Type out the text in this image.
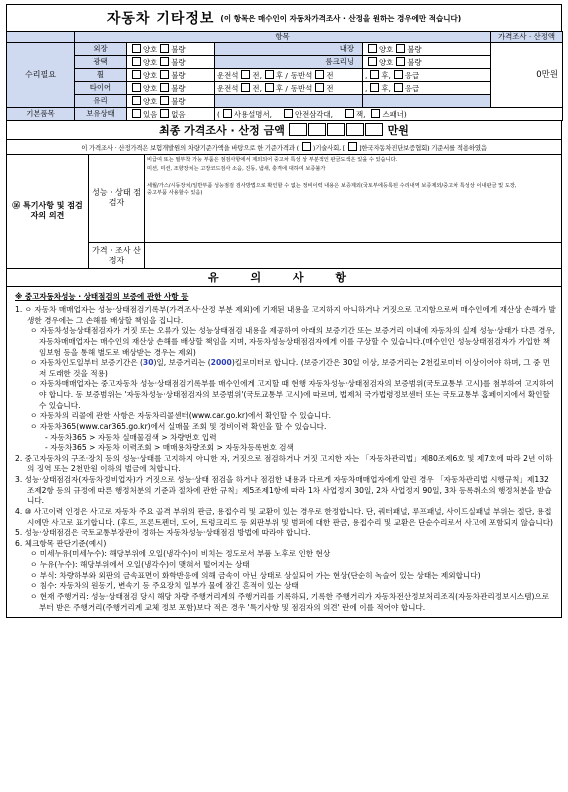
자동차 기타정보 (이 항목은 매수인이 자동차가격조사 · 산정을 원하는 경우에만 적습니다)
	항목				가격조사 · 산정액
수리필요	외장	양호 불량	내장	양호 불량	0만원
	광택	양호 불량	룸크리닝	양호 불량	
	휠	양호 불량	운전석 전, 후 / 동반석 전	, 후, 응급	
	타이어	양호 불량	운전석 전, 후 / 동반석 전	, 후, 응급	
	유리	양호 불량			
기본품목	보유상태	있음 없음	( 사용설명서, 안전삼각대, 잭, 스패너)		
최종 가격조사 · 산정 금액	만원
이 가격조사 · 산정가격은 보험개발원의 차량기준가액을 바탕으로 한 기준가격과 ( )기술사회, [ ]한국자동차진단보증협회) 기준서를 적용하였음
⑯ 특기사항 및 점검자의 의견	성능 · 상태 점검자	비급여 또는 필부착 가능 부품은 점검사항에서 제외되어 중고차 특성 상 부분적인 판금도색은 있을 수 있습니다.
미션, 미션, 조향장치는 고장코드검사 소음, 진동, 냄새, 충격에 대하여 보증불가
세월/가스/시동장치/일반부품 성능점검 검사방법으로 확인할 수 없는 정비이력 내용은 보증제외(국토부에등록된 수리내역 보증제외/중고차 특성상 이내판금 및 도장,
중고부품 사용할수 있음)

	가격 · 조사 산정자	
유 의 사 항
※ 중고자동차성능 · 상태점검의 보증에 관한 사항 등

1. ㅇ 자동차 매매업자는 성능·상태점검기록부(가격조사·산정 부분 제외)에 기재된 내용을 고지하지 아니하거나 거짓으로 고지함으로써 매수인에게 재산상 손해가 발생한 경우에는 그 손해를 배상할 책임을 집니다.

ㅇ 자동차성능상태점검자가 거짓 또는 오류가 있는 성능상태점검 내용을 제공하여 아래의 보증기간 또는 보증거리 이내에 자동차의 실제 성능·상태가 다른 경우, 자동차매매업자는 매수인의 재산상 손해를 배상할 책임을 지며, 자동차성능상태점검자에게 이를 구상할 수 있습니다.(매수인인 성능상태점검자가 가입한 책임보험 등을 통해 별도로 배상받는 경우는 제외)

ㅇ 자동차인도일부터 보증기간은 (30)일, 보증거리는 (2000)킬로미터로 합니다. (보증기간은 30일 이상, 보증거리는 2천킬로미터 이상이어야 하며, 그 중 먼저 도래한 것을 적용)

ㅇ 자동차매매업자는 중고자동차 성능·상태점검기록부를 매수인에게 고지할 때 현행 자동차성능·상태점검자의 보증범위(국토교통부 고시)를 첨부하여 고지하여야 합니다. 동 보증범위는 '자동차성능·상태점검자의 보증범위'(국토교통부 고시)에 따르며, 법제처 국가법령정보센터 또는 국토교통부 홈페이지에서 확인할 수 있습니다.

ㅇ 자동차의 리콜에 관한 사항은 자동차리콜센터(www.car.go.kr)에서 확인할 수 있습니다.

ㅇ 자동차365(www.car365.go.kr)에서 실매물 조회 및 정비이력 확인을 할 수 있습니다.

- 자동차365 > 자동차 실매물검색 > 차량번호 입력

- 자동차365 > 자동차 이력조회 > 매매용차량조회 > 자동차등록번호 검색

2. 중고자동차의 구조·장치 등의 성능·상태를 고지하지 아니한 자, 거짓으로 점검하거나 거짓 고지한 자는 「자동차관리법」제80조제6호 및 제7호에 따라 2년 이하의 징역 또는 2천만원 이하의 벌금에 처합니다.

3. 성능·상태점검자(자동차정비업자)가 거짓으로 성능·상태 점검을 하거나 점검한 내용과 다르게 자동차매매업자에게 알린 경우 「자동차관리법 시행규칙」제132조제2항 등의 규정에 따른 행정처분의 기준과 절차에 관한 규칙」제5조제1항에 따라 1차 사업정지 30일, 2차 사업정지 90일, 3차 등록취소의 행정처분을 받습니다.

4. ⑩ 사고이력 인정은 사고로 자동차 주요 골격 부위의 판금, 용접수리 및 교환이 있는 경우로 한정합니다. 단, 쿼터패널, 루프패널, 사이드실패널 부위는 절단, 용접 시에만 사고로 표기합니다. (후드, 프론트펜더, 도어, 트렁크리드 등 외판부위 및 범퍼에 대한 판금, 용접수리 및 교환은 단순수리로서 사고에 포함되지 않습니다)

5. 성능·상태점검은 국토교통부장관이 정하는 자동차성능·상태점검 방법에 따라야 합니다.

6. 체크항목 판단기준(예시)

ㅇ 미세누유(미세누수): 해당부위에 오일(냉각수)이 비치는 정도로서 부품 노후로 인한 현상

ㅇ 누유(누수): 해당부위에서 오일(냉각수)이 맺혀서 떨어지는 상태

ㅇ 부식: 차량하부와 외판의 금속표면이 화학반응에 의해 금속이 아닌 상태로 상실되어 가는 현상(단순히 녹슬어 있는 상태는 제외합니다)

ㅇ 침수: 자동차의 원동기, 변속기 등 주요장치 일부가 물에 잠긴 흔적이 있는 상태

ㅇ 현재 주행거리: 성능·상태점검 당시 해당 차량 주행거리계의 주행거리를 기록하되, 기록한 주행거리가 자동차전산정보처리조직(자동차관리정보시스템)으로부터 받은 주행거리(주행거리계 교체 정보 포함)보다 적은 경우 '특기사항 및 점검자의 의견' 란에 이를 적어야 합니다.
